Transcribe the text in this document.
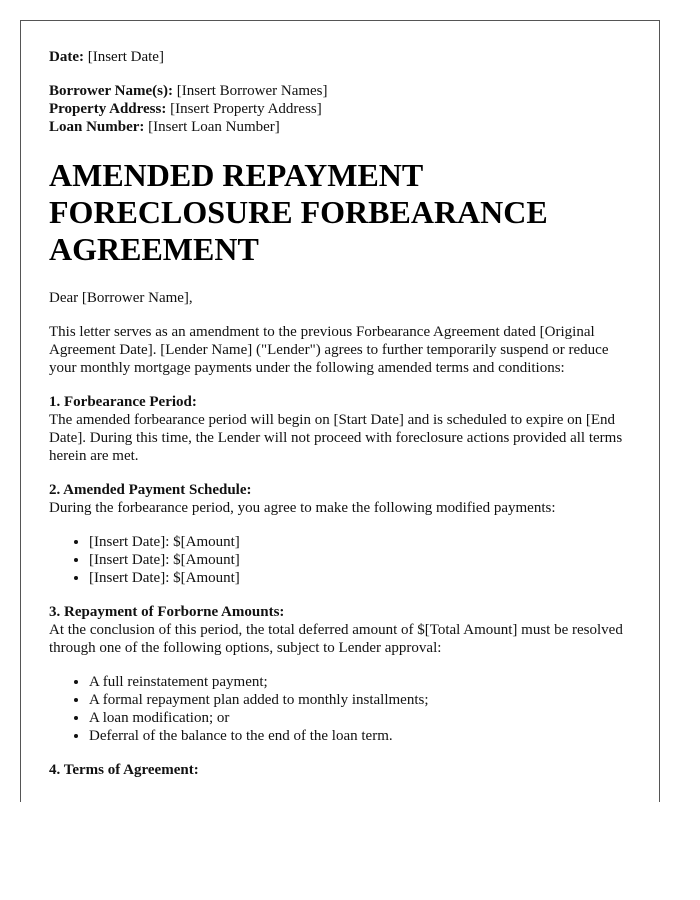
Date: [Insert Date]

Borrower Name(s): [Insert Borrower Names]

Property Address: [Insert Property Address]

Loan Number: [Insert Loan Number]

AMENDED REPAYMENT
FORECLOSURE FORBEARANCE
AGREEMENT

Dear [Borrower Name],

This letter serves as an amendment to the previous Forbearance Agreement dated [Original Agreement Date]. [Lender Name] ("Lender") agrees to further temporarily suspend or reduce your monthly mortgage payments under the following amended terms and conditions:

1. Forbearance Period:

The amended forbearance period will begin on [Start Date] and is scheduled to expire on [End Date]. During this time, the Lender will not proceed with foreclosure actions provided all terms herein are met.

2. Amended Payment Schedule:

During the forbearance period, you agree to make the following modified payments:

• [Insert Date]: $[Amount]
• [Insert Date]: $[Amount]
• [Insert Date]: $[Amount]

3. Repayment of Forborne Amounts:

At the conclusion of this period, the total deferred amount of $[Total Amount] must be resolved through one of the following options, subject to Lender approval:

• A full reinstatement payment;
• A formal repayment plan added to monthly installments;
• A loan modification; or
• Deferral of the balance to the end of the loan term.

4. Terms of Agreement:
